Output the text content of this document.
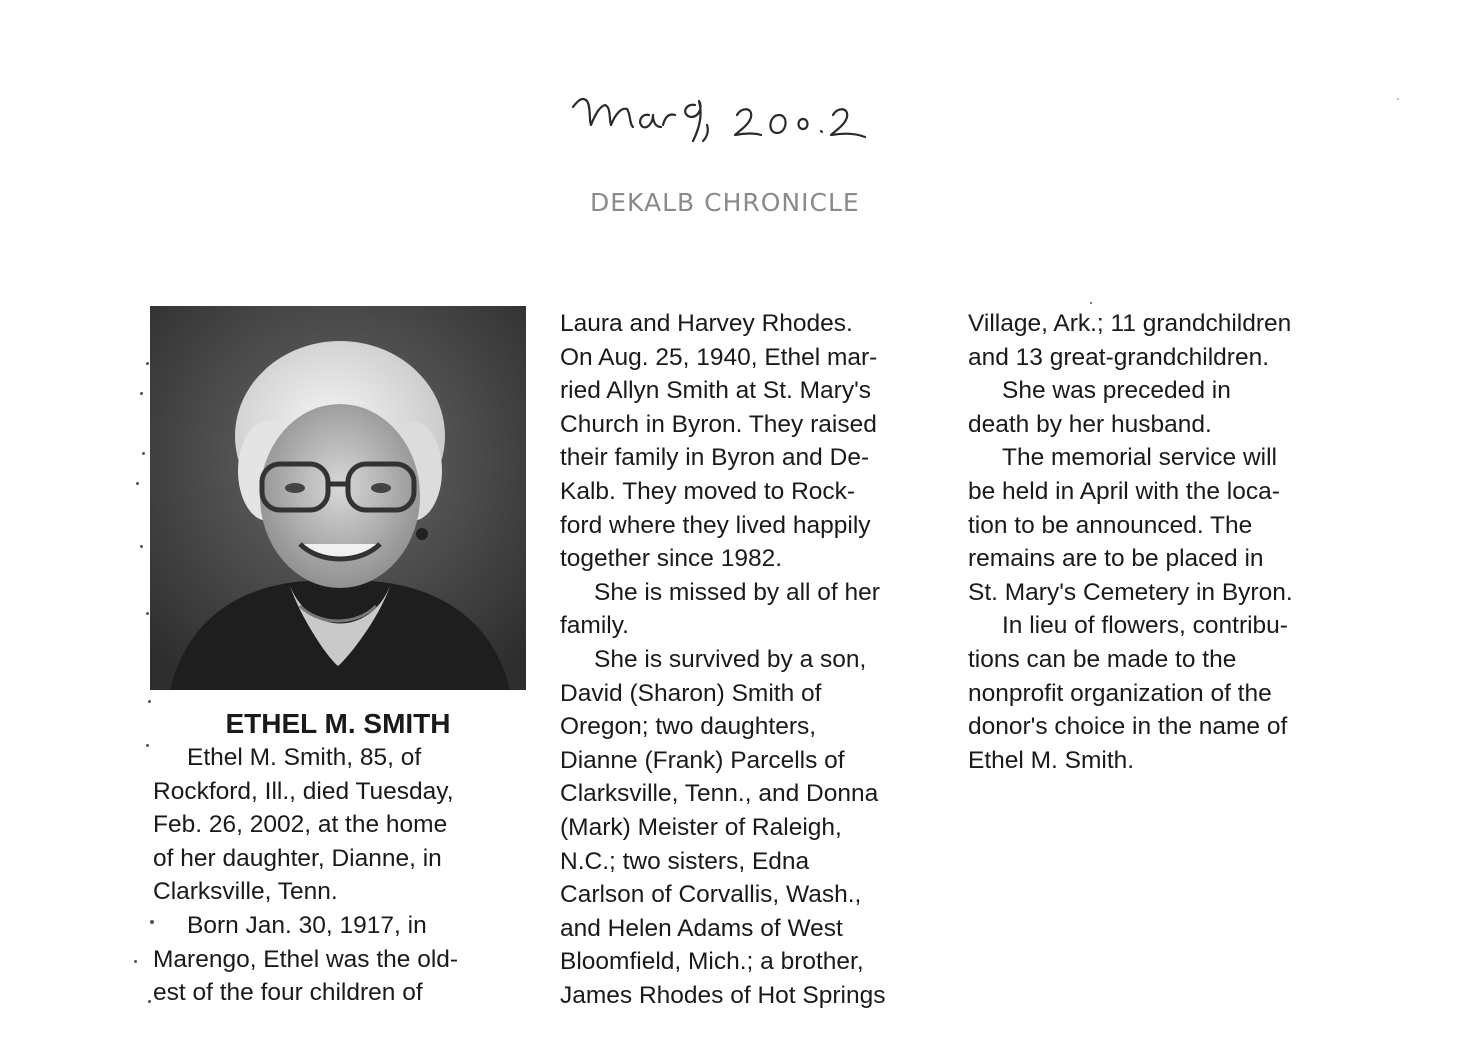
DEKALB CHRONICLE
ETHEL M. SMITH
Ethel M. Smith, 85, of
Rockford, Ill., died Tuesday,
Feb. 26, 2002, at the home
of her daughter, Dianne, in
Clarksville, Tenn.
Born Jan. 30, 1917, in
Marengo, Ethel was the old-
est of the four children of
Laura and Harvey Rhodes.
On Aug. 25, 1940, Ethel mar-
ried Allyn Smith at St. Mary's
Church in Byron. They raised
their family in Byron and De-
Kalb. They moved to Rock-
ford where they lived happily
together since 1982.
She is missed by all of her
family.
She is survived by a son,
David (Sharon) Smith of
Oregon; two daughters,
Dianne (Frank) Parcells of
Clarksville, Tenn., and Donna
(Mark) Meister of Raleigh,
N.C.; two sisters, Edna
Carlson of Corvallis, Wash.,
and Helen Adams of West
Bloomfield, Mich.; a brother,
James Rhodes of Hot Springs
Village, Ark.; 11 grandchildren
and 13 great-grandchildren.
She was preceded in
death by her husband.
The memorial service will
be held in April with the loca-
tion to be announced. The
remains are to be placed in
St. Mary's Cemetery in Byron.
In lieu of flowers, contribu-
tions can be made to the
nonprofit organization of the
donor's choice in the name of
Ethel M. Smith.
